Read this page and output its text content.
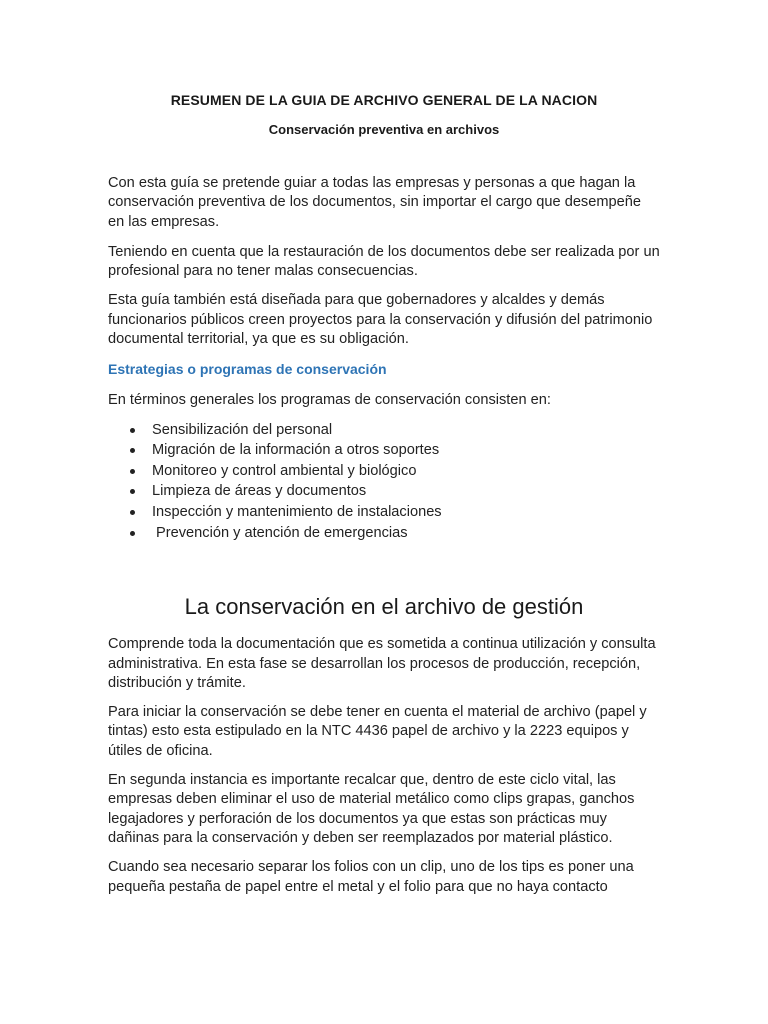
RESUMEN DE LA GUIA DE ARCHIVO GENERAL DE LA NACION
Conservación preventiva en archivos

Con esta guía se pretende guiar a todas las empresas y personas a que hagan la conservación preventiva de los documentos, sin importar el cargo que desempeñe en las empresas.

Teniendo en cuenta que la restauración de los documentos debe ser realizada por un profesional para no tener malas consecuencias.

Esta guía también está diseñada para que gobernadores y alcaldes y demás funcionarios públicos creen proyectos para la conservación y difusión del patrimonio documental territorial, ya que es su obligación.

Estrategias o programas de conservación

En términos generales los programas de conservación consisten en:

Sensibilización del personal
Migración de la información a otros soportes
Monitoreo y control ambiental y biológico
Limpieza de áreas y documentos
Inspección y mantenimiento de instalaciones
Prevención y atención de emergencias
La conservación en el archivo de gestión

Comprende toda la documentación que es sometida a continua utilización y consulta administrativa. En esta fase se desarrollan los procesos de producción, recepción, distribución y trámite.

Para iniciar la conservación se debe tener en cuenta el material de archivo (papel y tintas) esto esta estipulado en la NTC 4436 papel de archivo y la 2223 equipos y útiles de oficina.

En segunda instancia es importante recalcar que, dentro de este ciclo vital, las empresas deben eliminar el uso de material metálico como clips grapas, ganchos legajadores y perforación de los documentos ya que estas son prácticas muy dañinas para la conservación y deben ser reemplazados por material plástico.

Cuando sea necesario separar los folios con un clip, uno de los tips es poner una pequeña pestaña de papel entre el metal y el folio para que no haya contacto
